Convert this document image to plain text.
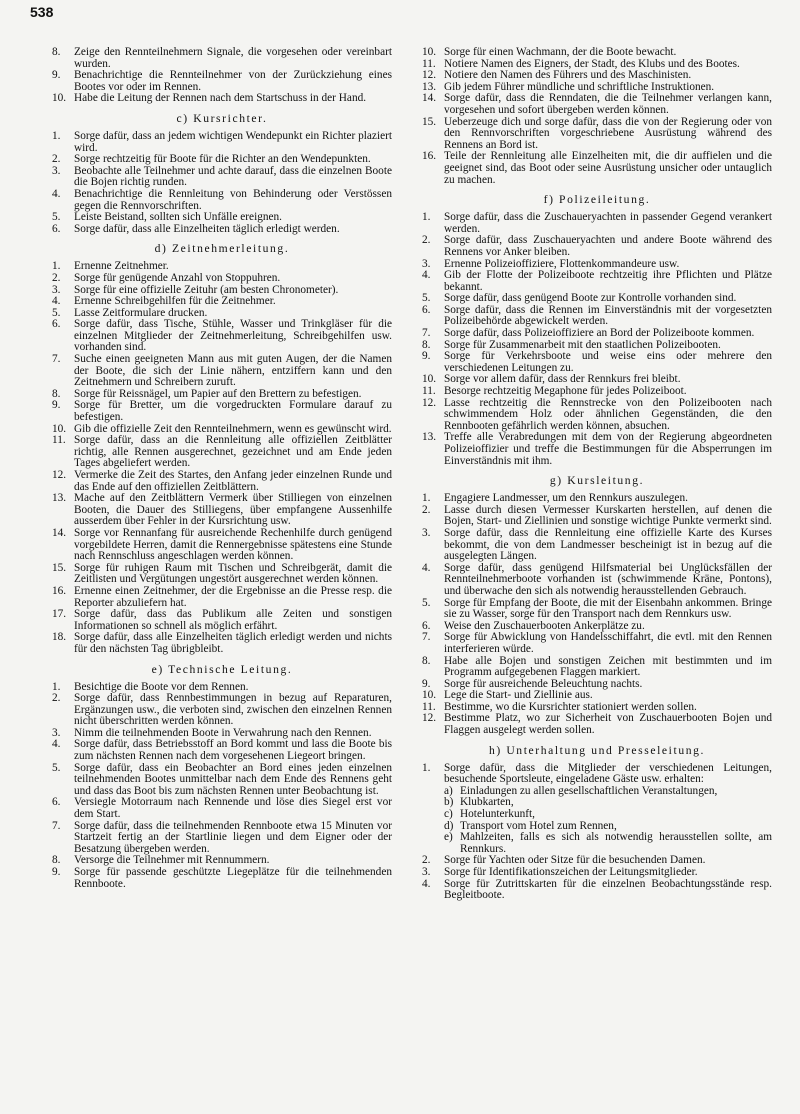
538
8.	Zeige den Rennteilnehmern Signale, die vorgesehen oder vereinbart wurden.
9.	Benachrichtige die Rennteilnehmer von der Zurückziehung eines Bootes vor oder im Rennen.
10. Habe die Leitung der Rennen nach dem Startschuss in der Hand.
c) Kursrichter.
1.	Sorge dafür, dass an jedem wichtigen Wendepunkt ein Richter plaziert wird.
2.	Sorge rechtzeitig für Boote für die Richter an den Wendepunkten.
3.	Beobachte alle Teilnehmer und achte darauf, dass die einzelnen Boote die Bojen richtig runden.
4.	Benachrichtige die Rennleitung von Behinderung oder Verstössen gegen die Rennvorschriften.
5.	Leiste Beistand, sollten sich Unfälle ereignen.
6.	Sorge dafür, dass alle Einzelheiten täglich erledigt werden.
d) Zeitnehmerleitung.
1.	Ernenne Zeitnehmer.
2.	Sorge für genügende Anzahl von Stoppuhren.
3.	Sorge für eine offizielle Zeituhr (am besten Chronometer).
4.	Ernenne Schreibgehilfen für die Zeitnehmer.
5.	Lasse Zeitformulare drucken.
6.	Sorge dafür, dass Tische, Stühle, Wasser und Trinkgläser für die einzelnen Mitglieder der Zeitnehmerleitung, Schreibgehilfen usw. vorhanden sind.
7.	Suche einen geeigneten Mann aus mit guten Augen, der die Namen der Boote, die sich der Linie nähern, entziffern kann und den Zeitnehmern und Schreibern zuruft.
8.	Sorge für Reissnägel, um Papier auf den Brettern zu befestigen.
9.	Sorge für Bretter, um die vorgedruckten Formulare darauf zu befestigen.
10. Gib die offizielle Zeit den Rennteilnehmern, wenn es gewünscht wird.
11. Sorge dafür, dass an die Rennleitung alle offiziellen Zeitblätter richtig, alle Rennen ausgerechnet, gezeichnet und am Ende jeden Tages abgeliefert werden.
12. Vermerke die Zeit des Startes, den Anfang jeder einzelnen Runde und das Ende auf den offiziellen Zeitblättern.
13. Mache auf den Zeitblättern Vermerk über Stilliegen von einzelnen Booten, die Dauer des Stilliegens, über empfangene Aussenhilfe ausserdem über Fehler in der Kursrichtung usw.
14. Sorge vor Rennanfang für ausreichende Rechenhilfe durch genügend vorgebildete Herren, damit die Rennergebnisse spätestens eine Stunde nach Rennschluss angeschlagen werden können.
15. Sorge für ruhigen Raum mit Tischen und Schreibgerät, damit die Zeitlisten und Vergütungen ungestört ausgerechnet werden können.
16. Ernenne einen Zeitnehmer, der die Ergebnisse an die Presse resp. die Reporter abzuliefern hat.
17. Sorge dafür, dass das Publikum alle Zeiten und sonstigen Informationen so schnell als möglich erfährt.
18. Sorge dafür, dass alle Einzelheiten täglich erledigt werden und nichts für den nächsten Tag übrigbleibt.
e) Technische Leitung.
1.	Besichtige die Boote vor dem Rennen.
2.	Sorge dafür, dass Rennbestimmungen in bezug auf Reparaturen, Ergänzungen usw., die verboten sind, zwischen den einzelnen Rennen nicht überschritten werden können.
3.	Nimm die teilnehmenden Boote in Verwahrung nach den Rennen.
4.	Sorge dafür, dass Betriebsstoff an Bord kommt und lass die Boote bis zum nächsten Rennen nach dem vorgesehenen Liegeort bringen.
5.	Sorge dafür, dass ein Beobachter an Bord eines jeden einzelnen teilnehmenden Bootes unmittelbar nach dem Ende des Rennens geht und dass das Boot bis zum nächsten Rennen unter Beobachtung ist.
6.	Versiegle Motorraum nach Rennende und löse dies Siegel erst vor dem Start.
7.	Sorge dafür, dass die teilnehmenden Rennboote etwa 15 Minuten vor Startzeit fertig an der Startlinie liegen und dem Eigner oder der Besatzung übergeben werden.
8.	Versorge die Teilnehmer mit Rennummern.
9.	Sorge für passende geschützte Liegeplätze für die teilnehmenden Rennboote.
10. Sorge für einen Wachmann, der die Boote bewacht.
11. Notiere Namen des Eigners, der Stadt, des Klubs und des Bootes.
12. Notiere den Namen des Führers und des Maschinisten.
13. Gib jedem Führer mündliche und schriftliche Instruktionen.
14. Sorge dafür, dass die Renndaten, die die Teilnehmer verlangen kann, vorgesehen und sofort übergeben werden können.
15. Ueberzeuge dich und sorge dafür, dass die von der Regierung oder von den Rennvorschriften vorgeschriebene Ausrüstung während des Rennens an Bord ist.
16. Teile der Rennleitung alle Einzelheiten mit, die dir auffielen und die geeignet sind, das Boot oder seine Ausrüstung unsicher oder untauglich zu machen.
f) Polizeileitung.
1.	Sorge dafür, dass die Zuschaueryachten in passender Gegend verankert werden.
2.	Sorge dafür, dass Zuschaueryachten und andere Boote während des Rennens vor Anker bleiben.
3.	Ernenne Polizeioffiziere, Flottenkommandeure usw.
4.	Gib der Flotte der Polizeiboote rechtzeitig ihre Pflichten und Plätze bekannt.
5.	Sorge dafür, dass genügend Boote zur Kontrolle vorhanden sind.
6.	Sorge dafür, dass die Rennen im Einverständnis mit der vorgesetzten Polizeibehörde abgewickelt werden.
7.	Sorge dafür, dass Polizeioffiziere an Bord der Polizeiboote kommen.
8.	Sorge für Zusammenarbeit mit den staatlichen Polizeibooten.
9.	Sorge für Verkehrsboote und weise eins oder mehrere den verschiedenen Leitungen zu.
10. Sorge vor allem dafür, dass der Rennkurs frei bleibt.
11. Besorge rechtzeitig Megaphone für jedes Polizeiboot.
12. Lasse rechtzeitig die Rennstrecke von den Polizeibooten nach schwimmendem Holz oder ähnlichen Gegenständen, die den Rennbooten gefährlich werden können, absuchen.
13. Treffe alle Verabredungen mit dem von der Regierung abgeordneten Polizeioffizier und treffe die Bestimmungen für die Absperrungen im Einverständnis mit ihm.
g) Kursleitung.
1.	Engagiere Landmesser, um den Rennkurs auszulegen.
2.	Lasse durch diesen Vermesser Kurskarten herstellen, auf denen die Bojen, Start- und Ziellinien und sonstige wichtige Punkte vermerkt sind.
3.	Sorge dafür, dass die Rennleitung eine offizielle Karte des Kurses bekommt, die von dem Landmesser bescheinigt ist in bezug auf die ausgelegten Längen.
4.	Sorge dafür, dass genügend Hilfsmaterial bei Unglücksfällen der Rennteilnehmerboote vorhanden ist (schwimmende Kräne, Pontons), und überwache den sich als notwendig herausstellenden Gebrauch.
5.	Sorge für Empfang der Boote, die mit der Eisenbahn ankommen. Bringe sie zu Wasser, sorge für den Transport nach dem Rennkurs usw.
6.	Weise den Zuschauerbooten Ankerplätze zu.
7.	Sorge für Abwicklung von Handelsschiffahrt, die evtl. mit den Rennen interferieren würde.
8.	Habe alle Bojen und sonstigen Zeichen mit bestimmten und im Programm aufgegebenen Flaggen markiert.
9.	Sorge für ausreichende Beleuchtung nachts.
10. Lege die Start- und Ziellinie aus.
11. Bestimme, wo die Kursrichter stationiert werden sollen.
12. Bestimme Platz, wo zur Sicherheit von Zuschauerbooten Bojen und Flaggen ausgelegt werden sollen.
h) Unterhaltung und Presseleitung.
1.	Sorge dafür, dass die Mitglieder der verschiedenen Leitungen, besuchende Sportsleute, eingeladene Gäste usw. erhalten:
a) Einladungen zu allen gesellschaftlichen Veranstaltungen,
b) Klubkarten,
c) Hotelunterkunft,
d) Transport vom Hotel zum Rennen,
e) Mahlzeiten, falls es sich als notwendig herausstellen sollte, am Rennkurs.
2.	Sorge für Yachten oder Sitze für die besuchenden Damen.
3.	Sorge für Identifikationszeichen der Leitungsmitglieder.
4.	Sorge für Zutrittskarten für die einzelnen Beobachtungsstände resp. Begleitboote.
